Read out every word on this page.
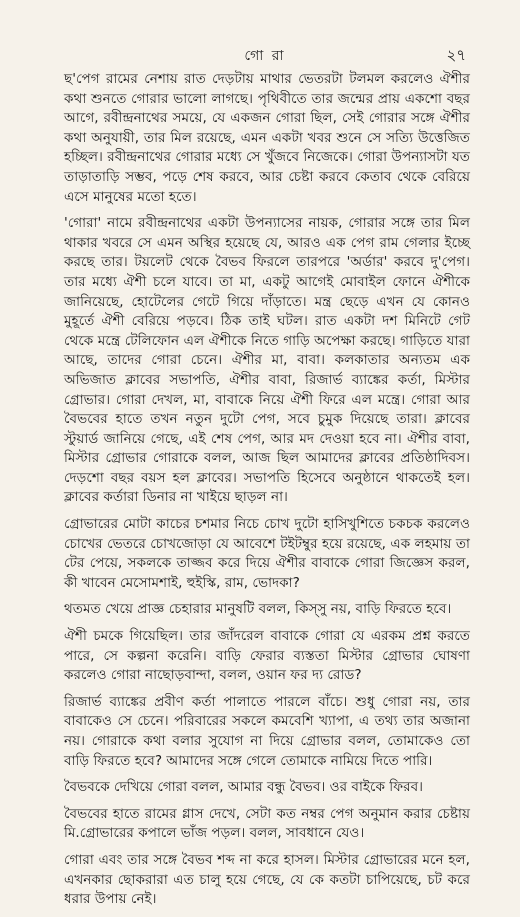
গো রা	২৭

ছ'পেগ রামের নেশায় রাত দেড়টায় মাথার ভেতরটা টলমল করলেও ঐশীর কথা শুনতে গোরার ভালো লাগছে। পৃথিবীতে তার জন্মের প্রায় একশো বছর আগে, রবীন্দ্রনাথের সময়ে, যে একজন গোরা ছিল, সেই গোরার সঙ্গে ঐশীর কথা অনুযায়ী, তার মিল রয়েছে, এমন একটা খবর শুনে সে সত্যি উত্তেজিত হচ্ছিল। রবীন্দ্রনাথের গোরার মধ্যে সে খুঁজবে নিজেকে। গোরা উপন্যাসটা যত তাড়াতাড়ি সম্ভব, পড়ে শেষ করবে, আর চেষ্টা করবে কেতাব থেকে বেরিয়ে এসে মানুষের মতো হতে।

'গোরা' নামে রবীন্দ্রনাথের একটা উপন্যাসের নায়ক, গোরার সঙ্গে তার মিল থাকার খবরে সে এমন অস্থির হয়েছে যে, আরও এক পেগ রাম গেলার ইচ্ছে করছে তার। টয়লেট থেকে বৈভব ফিরলে তারপরে 'অর্ডার' করবে দু'পেগ। তার মধ্যে ঐশী চলে যাবে। তা মা, একটু আগেই মোবাইল ফোনে ঐশীকে জানিয়েছে, হোটেলের গেটে গিয়ে দাঁড়াতে। মন্ত্র ছেড়ে এখন যে কোনও মুহূর্তে ঐশী বেরিয়ে পড়বে। ঠিক তাই ঘটল। রাত একটা দশ মিনিটে গেট থেকে মন্ত্রে টেলিফোন এল ঐশীকে নিতে গাড়ি অপেক্ষা করছে। গাড়িতে যারা আছে, তাদের গোরা চেনে। ঐশীর মা, বাবা। কলকাতার অন্যতম এক অভিজাত ক্লাবের সভাপতি, ঐশীর বাবা, রিজার্ভ ব্যাঙ্কের কর্তা, মিস্টার গ্রোভার। গোরা দেখল, মা, বাবাকে নিয়ে ঐশী ফিরে এল মন্ত্রে। গোরা আর বৈভবের হাতে তখন নতুন দুটো পেগ, সবে চুমুক দিয়েছে তারা। ক্লাবের স্টুয়ার্ড জানিয়ে গেছে, এই শেষ পেগ, আর মদ দেওয়া হবে না। ঐশীর বাবা, মিস্টার গ্রোভার গোরাকে বলল, আজ ছিল আমাদের ক্লাবের প্রতিষ্ঠাদিবস। দেড়শো বছর বয়স হল ক্লাবের। সভাপতি হিসেবে অনুষ্ঠানে থাকতেই হল। ক্লাবের কর্তারা ডিনার না খাইয়ে ছাড়ল না।

গ্রোভারের মোটা কাচের চশমার নিচে চোখ দুটো হাসিখুশিতে চকচক করলেও চোখের ভেতরে চোখজোড়া যে আবেশে টইটম্বুর হয়ে রয়েছে, এক লহমায় তা টের পেয়ে, সকলকে তাজ্জব করে দিয়ে ঐশীর বাবাকে গোরা জিজ্ঞেস করল, কী খাবেন মেসোমশাই, হুইস্কি, রাম, ভোদকা?

থতমত খেয়ে প্রাজ্ঞ চেহারার মানুষটি বলল, কিস্সু নয়, বাড়ি ফিরতে হবে।

ঐশী চমকে গিয়েছিল। তার জাঁদরেল বাবাকে গোরা যে এরকম প্রশ্ন করতে পারে, সে কল্পনা করেনি। বাড়ি ফেরার ব্যস্ততা মিস্টার গ্রোভার ঘোষণা করলেও গোরা নাছোড়বান্দা, বলল, ওয়ান ফর দ্য রোড?

রিজার্ভ ব্যাঙ্কের প্রবীণ কর্তা পালাতে পারলে বাঁচে। শুধু গোরা নয়, তার বাবাকেও সে চেনে। পরিবারের সকলে কমবেশি খ্যাপা, এ তথ্য তার অজানা নয়। গোরাকে কথা বলার সুযোগ না দিয়ে গ্রোভার বলল, তোমাকেও তো বাড়ি ফিরতে হবে? আমাদের সঙ্গে গেলে তোমাকে নামিয়ে দিতে পারি।

বৈভবকে দেখিয়ে গোরা বলল, আমার বন্ধু বৈভব। ওর বাইকে ফিরব।

বৈভবের হাতে রামের গ্লাস দেখে, সেটা কত নম্বর পেগ অনুমান করার চেষ্টায় মি.গ্রোভারের কপালে ভাঁজ পড়ল। বলল, সাবধানে যেও।

গোরা এবং তার সঙ্গে বৈভব শব্দ না করে হাসল। মিস্টার গ্রোভারের মনে হল, এখনকার ছোকরারা এত চালু হয়ে গেছে, যে কে কতটা চাপিয়েছে, চট করে ধরার উপায় নেই।
